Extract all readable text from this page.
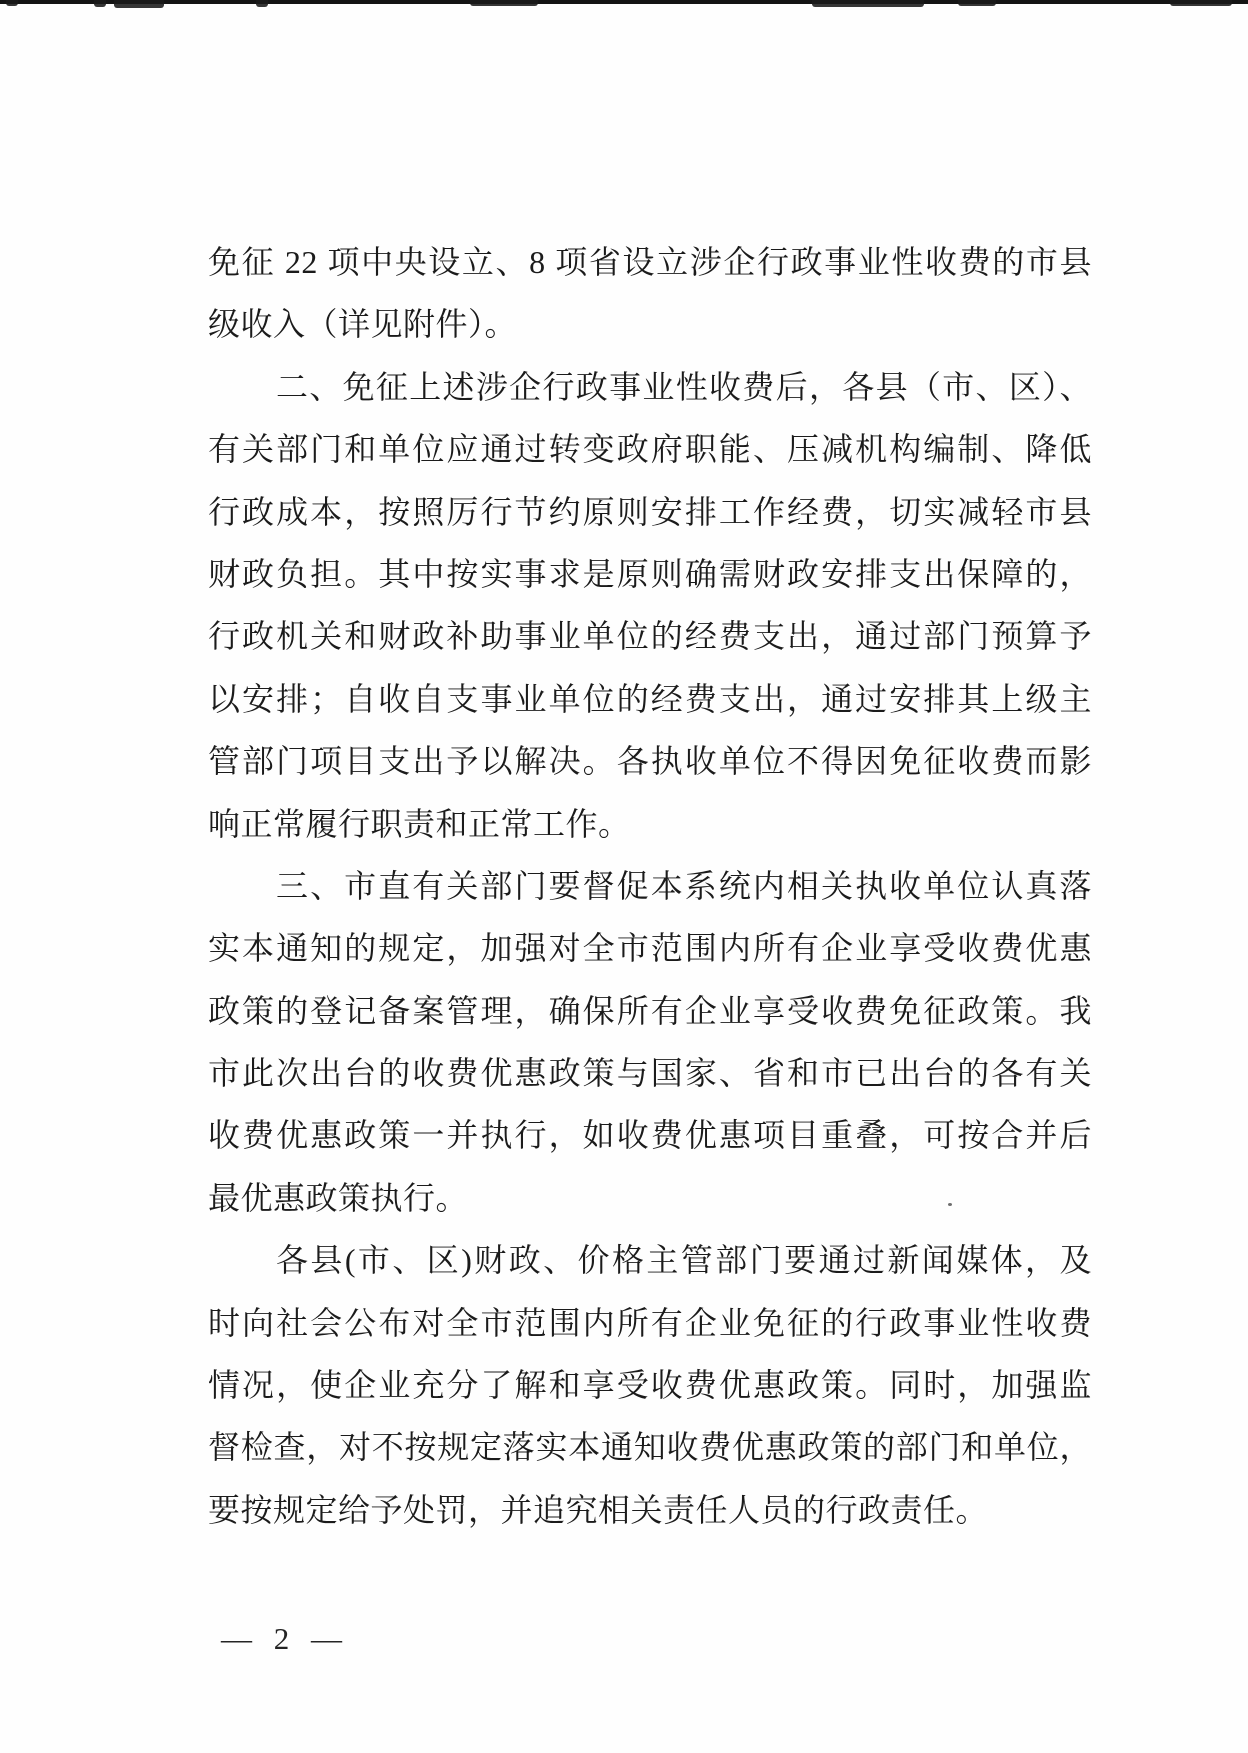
免征 22 项中央设立、8 项省设立涉企行政事业性收费的市县

级收入（详见附件）。

二、免征上述涉企行政事业性收费后，各县（市、区）、

有关部门和单位应通过转变政府职能、压减机构编制、降低

行政成本，按照厉行节约原则安排工作经费，切实减轻市县

财政负担。其中按实事求是原则确需财政安排支出保障的，

行政机关和财政补助事业单位的经费支出，通过部门预算予

以安排；自收自支事业单位的经费支出，通过安排其上级主

管部门项目支出予以解决。各执收单位不得因免征收费而影

响正常履行职责和正常工作。

三、市直有关部门要督促本系统内相关执收单位认真落

实本通知的规定，加强对全市范围内所有企业享受收费优惠

政策的登记备案管理，确保所有企业享受收费免征政策。我

市此次出台的收费优惠政策与国家、省和市已出台的各有关

收费优惠政策一并执行，如收费优惠项目重叠，可按合并后

最优惠政策执行。

各县(市、区)财政、价格主管部门要通过新闻媒体，及

时向社会公布对全市范围内所有企业免征的行政事业性收费

情况，使企业充分了解和享受收费优惠政策。同时，加强监

督检查，对不按规定落实本通知收费优惠政策的部门和单位，

要按规定给予处罚，并追究相关责任人员的行政责任。

— 2 —
